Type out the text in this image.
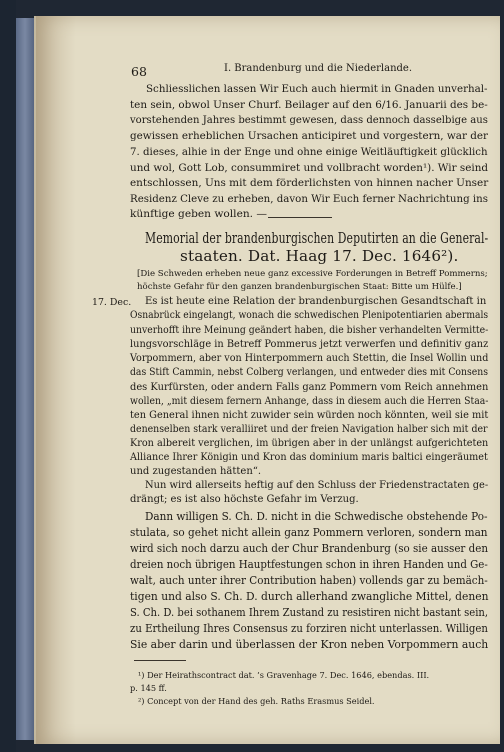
68	I. Brandenburg und die Niederlande.
Schliesslichen lassen Wir Euch auch hiermit in Gnaden unverhal-
ten sein, obwol Unser Churf. Beilager auf den 6/16. Januarii des be-
vorstehenden Jahres bestimmt gewesen, dass dennoch dasselbige aus
gewissen erheblichen Ursachen anticipiret und vorgestern, war der
7. dieses, alhie in der Enge und ohne einige Weitläuftigkeit glücklich
und wol, Gott Lob, consummiret und vollbracht worden¹). Wir seind
entschlossen, Uns mit dem förderlichsten von hinnen nacher Unser
Residenz Cleve zu erheben, davon Wir Euch ferner Nachrichtung ins
künftige geben wollen. —
Memorial der brandenburgischen Deputirten an die General-
staaten. Dat. Haag 17. Dec. 1646²).
[Die Schweden erheben neue ganz excessive Forderungen in Betreff Pommerns;
höchste Gefahr für den ganzen brandenburgischen Staat: Bitte um Hülfe.]
17. Dec. Es ist heute eine Relation der brandenburgischen Gesandtschaft in
Osnabrück eingelangt, wonach die schwedischen Plenipotentiarien abermals
unverhofft ihre Meinung geändert haben, die bisher verhandelten Vermitte-
lungsvorschläge in Betreff Pommerus jetzt verwerfen und definitiv ganz
Vorpommern, aber von Hinterpommern auch Stettin, die Insel Wollin und
das Stift Cammin, nebst Colberg verlangen, und entweder dies mit Consens
des Kurfürsten, oder andern Falls ganz Pommern vom Reich annehmen
wollen, „mit diesem fernern Anhange, dass in diesem auch die Herren Staa-
ten General ihnen nicht zuwider sein würden noch könnten, weil sie mit
denenselben stark veralliiret und der freien Navigation halber sich mit der
Kron albereit verglichen, im übrigen aber in der unlängst aufgerichteten
Alliance Ihrer Königin und Kron das dominium maris baltici eingeräumet
und zugestanden hätten“.
Nun wird allerseits heftig auf den Schluss der Friedenstractaten ge-
drängt; es ist also höchste Gefahr im Verzug.
Dann willigen S. Ch. D. nicht in die Schwedische obstehende Po-
stulata, so gehet nicht allein ganz Pommern verloren, sondern man
wird sich noch darzu auch der Chur Brandenburg (so sie ausser den
dreien noch übrigen Hauptfestungen schon in ihren Handen und Ge-
walt, auch unter ihrer Contribution haben) vollends gar zu bemäch-
tigen und also S. Ch. D. durch allerhand zwangliche Mittel, denen
S. Ch. D. bei sothanem Ihrem Zustand zu resistiren nicht bastant sein,
zu Ertheilung Ihres Consensus zu forziren nicht unterlassen. Willigen
Sie aber darin und überlassen der Kron neben Vorpommern auch
¹) Der Heirathscontract dat. ’s Gravenhage 7. Dec. 1646, ebendas. III.
p. 145 ff.
²) Concept von der Hand des geh. Raths Erasmus Seidel.
